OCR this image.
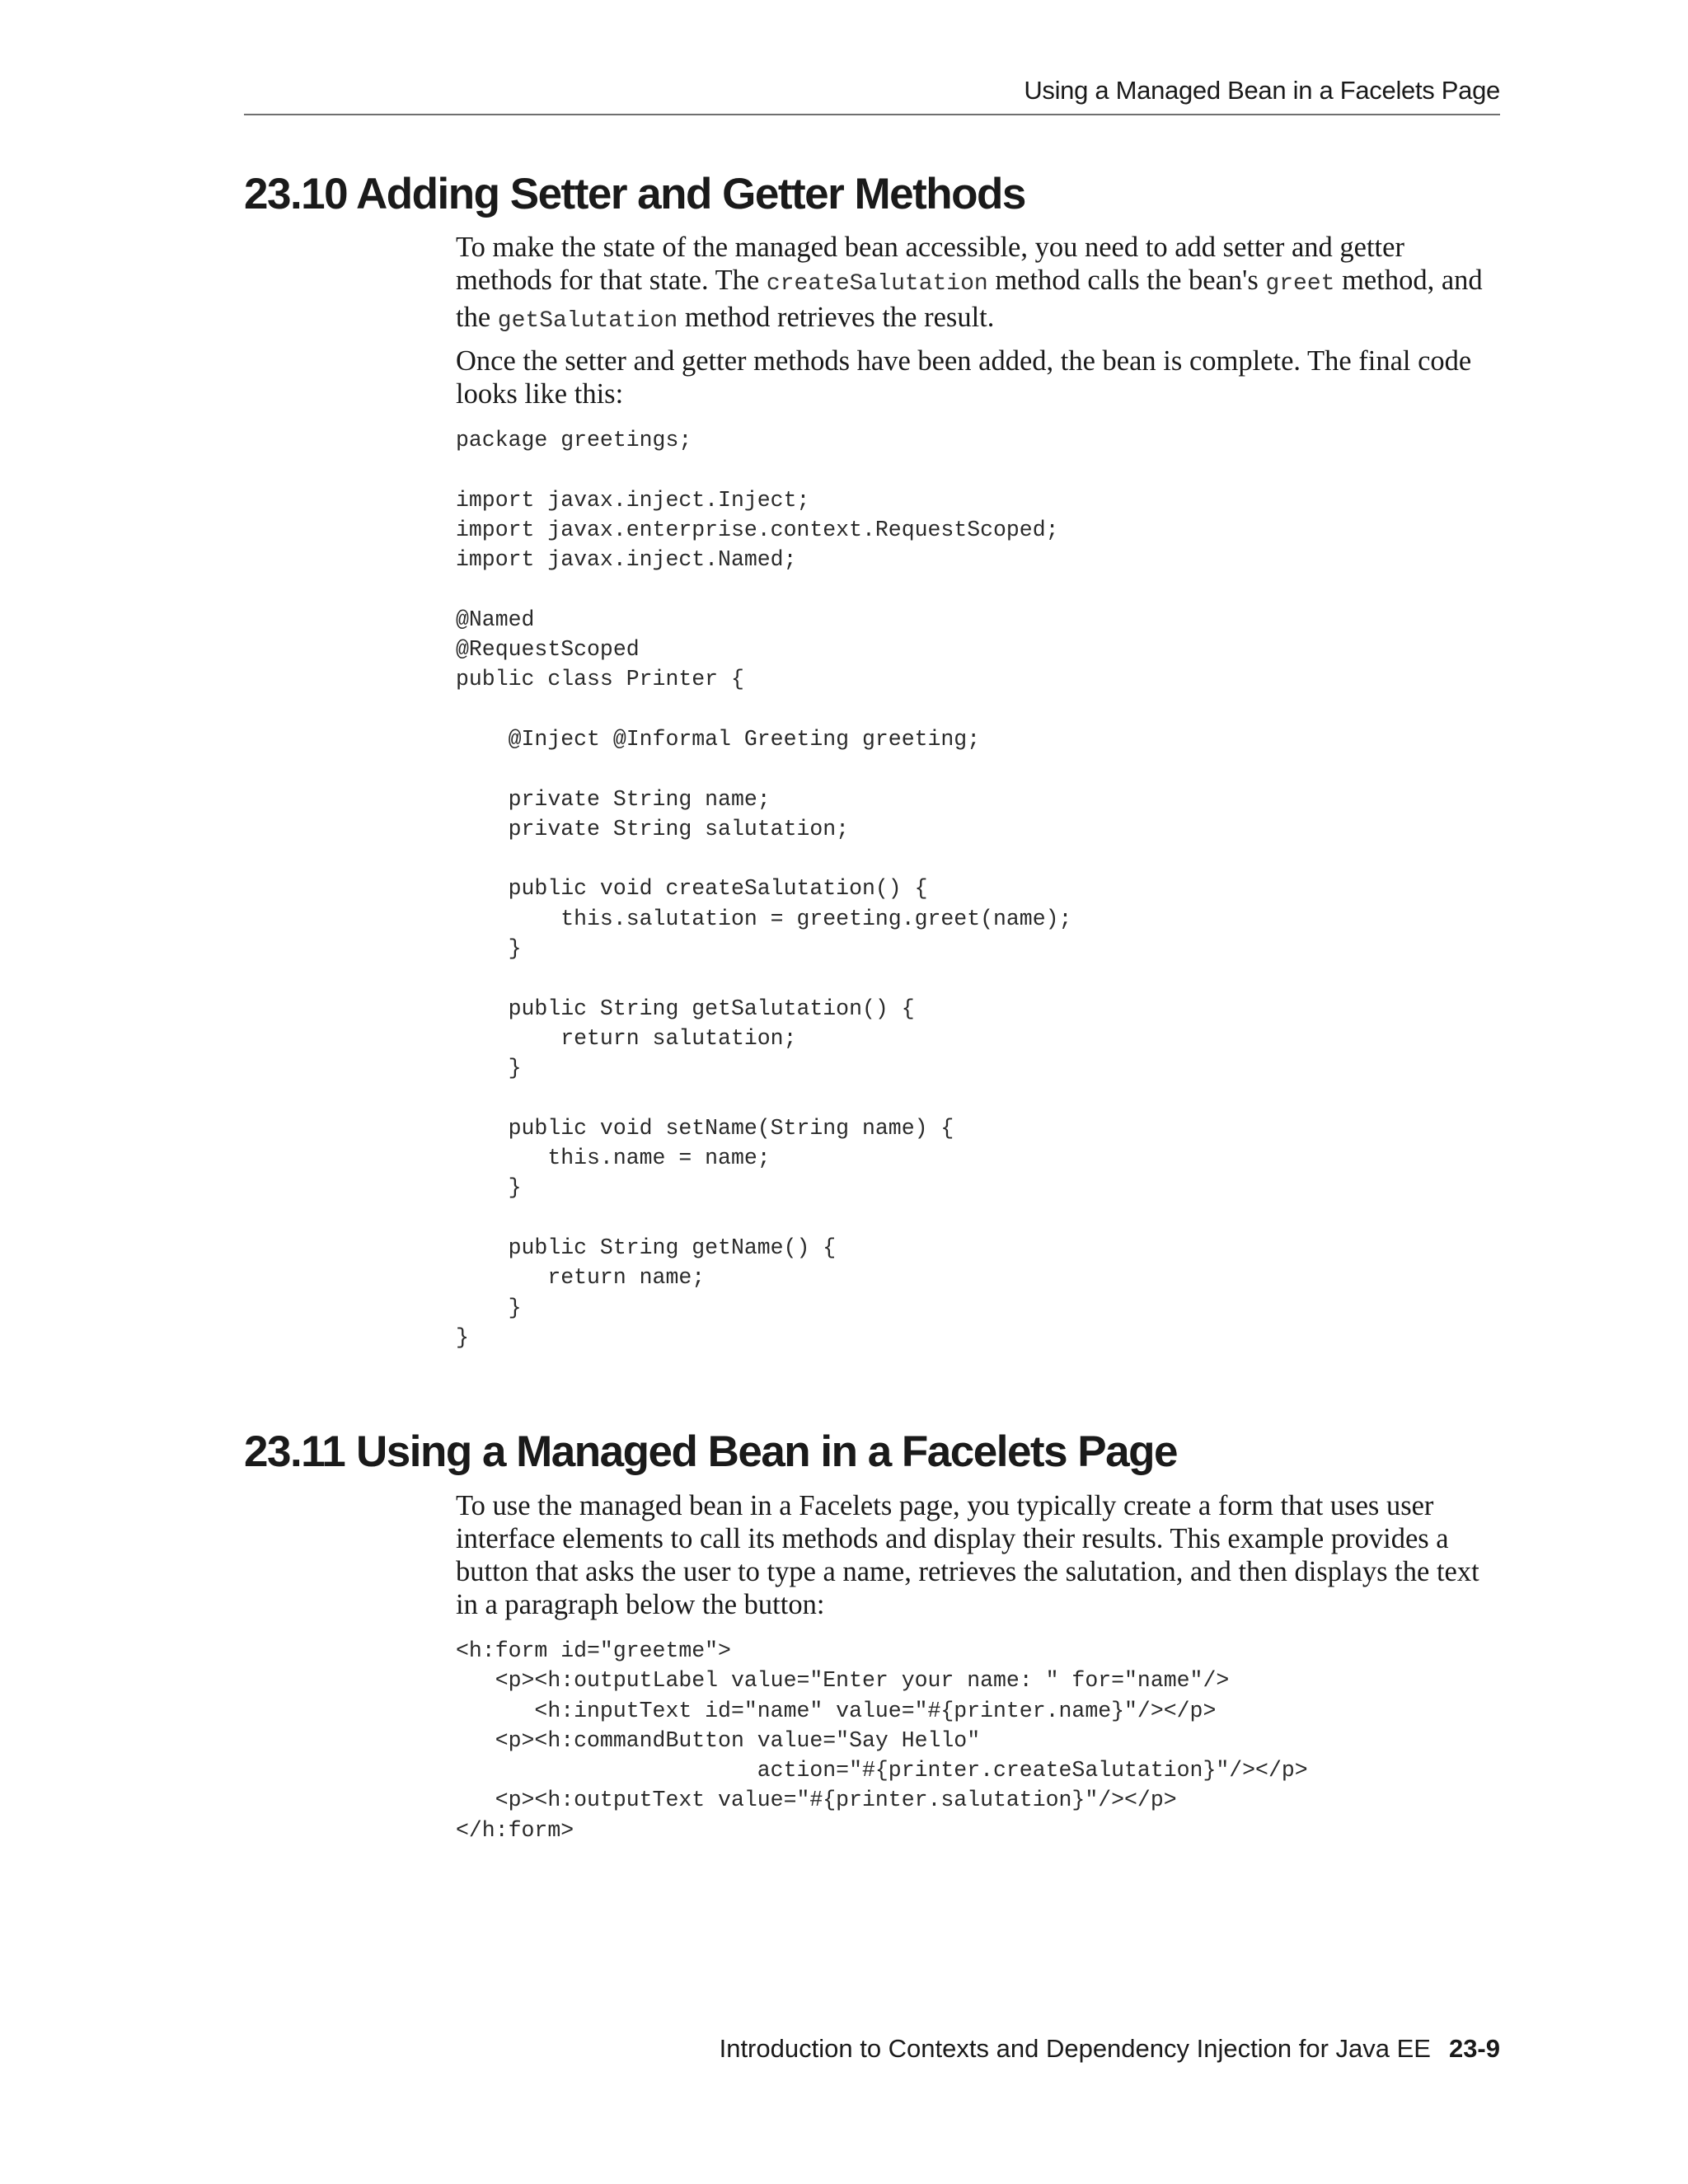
Using a Managed Bean in a Facelets Page
23.10 Adding Setter and Getter Methods

To make the state of the managed bean accessible, you need to add setter and getter methods for that state. The createSalutation method calls the bean's greet method, and the getSalutation method retrieves the result.

Once the setter and getter methods have been added, the bean is complete. The final code looks like this:

package greetings;

import javax.inject.Inject;
import javax.enterprise.context.RequestScoped;
import javax.inject.Named;

@Named
@RequestScoped
public class Printer {

@Inject @Informal Greeting greeting;

private String name;
private String salutation;

public void createSalutation() {
this.salutation = greeting.greet(name);
}

public String getSalutation() {
return salutation;
}

public void setName(String name) {
this.name = name;
}

public String getName() {
return name;
}
}
23.11 Using a Managed Bean in a Facelets Page

To use the managed bean in a Facelets page, you typically create a form that uses user interface elements to call its methods and display their results. This example provides a button that asks the user to type a name, retrieves the salutation, and then displays the text in a paragraph below the button:

<h:form id="greetme">
<p><h:outputLabel value="Enter your name: " for="name"/>
<h:inputText id="name" value="#{printer.name}"/></p>
<p><h:commandButton value="Say Hello"
action="#{printer.createSalutation}"/></p>
<p><h:outputText value="#{printer.salutation}"/></p>
</h:form>
Introduction to Contexts and Dependency Injection for Java EE 23-9
